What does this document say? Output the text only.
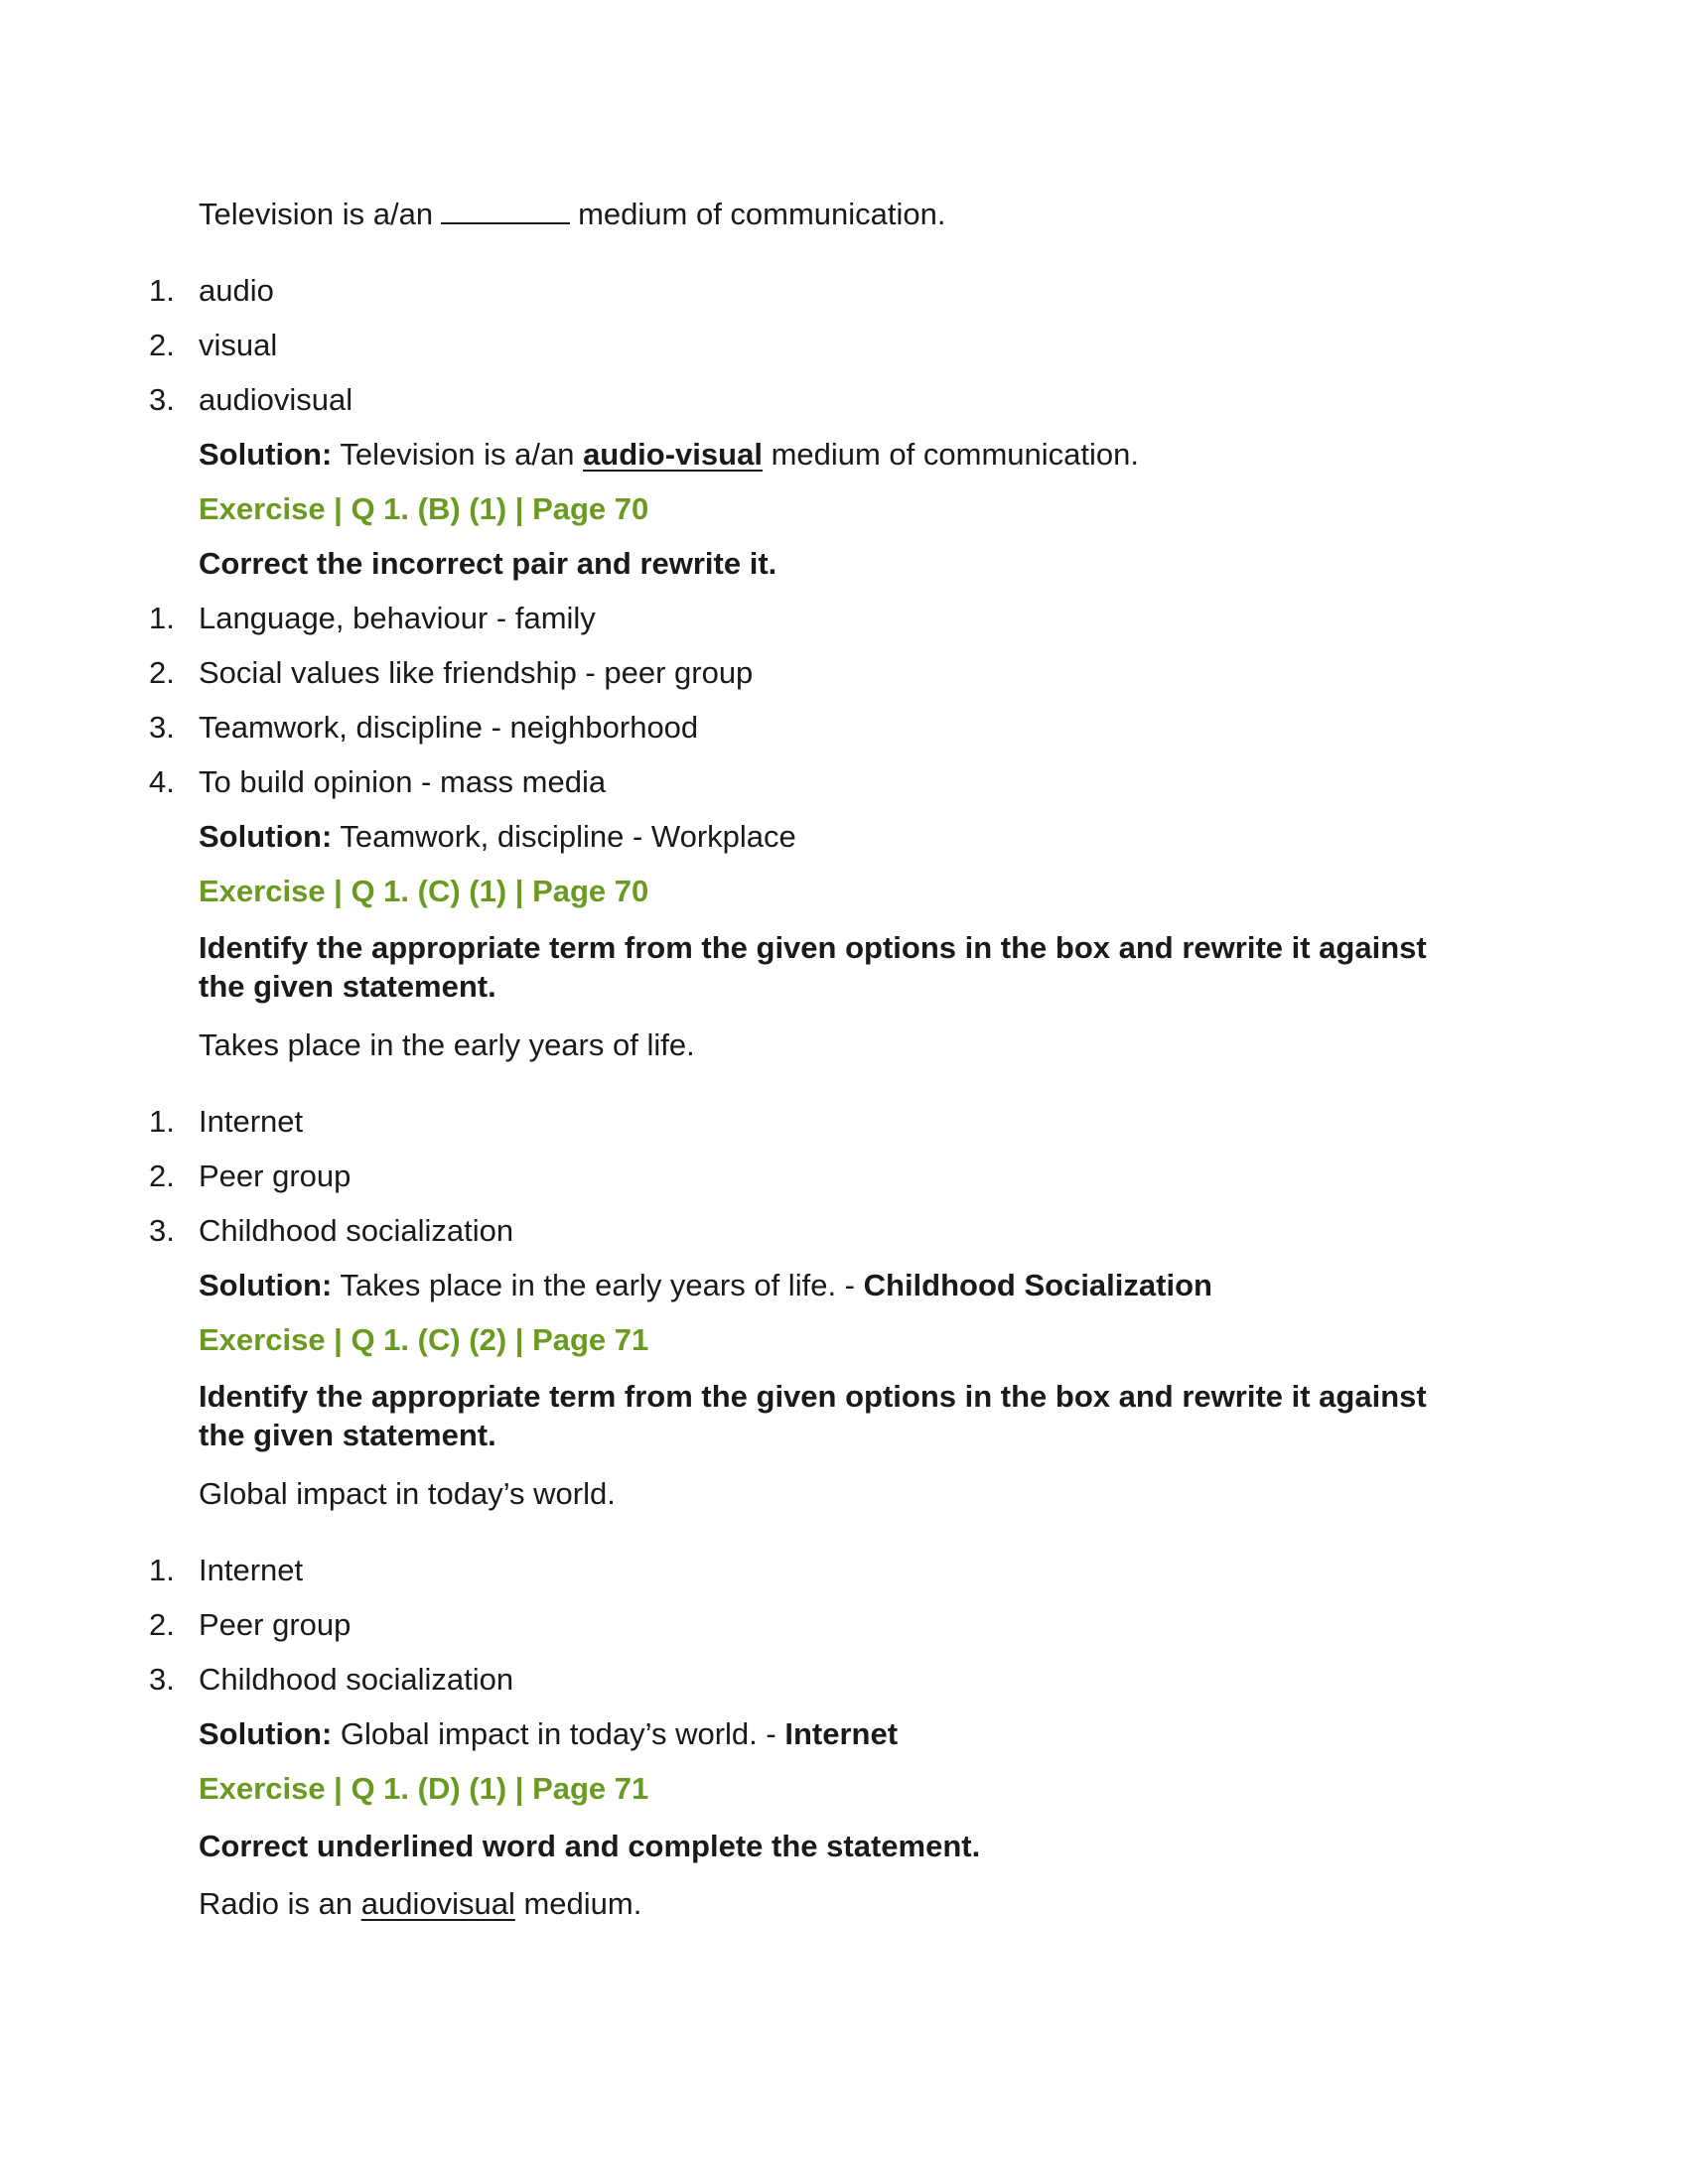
Television is a/an	medium of communication.
1. audio
2. visual
3. audiovisual
Solution: Television is a/an audio-visual medium of communication.
Exercise | Q 1. (B) (1) | Page 70
Correct the incorrect pair and rewrite it.
1. Language, behaviour - family
2. Social values like friendship - peer group
3. Teamwork, discipline - neighborhood
4. To build opinion - mass media
Solution: Teamwork, discipline - Workplace
Exercise | Q 1. (C) (1) | Page 70
Identify the appropriate term from the given options in the box and rewrite it against the given statement.
Takes place in the early years of life.
1. Internet
2. Peer group
3. Childhood socialization
Solution: Takes place in the early years of life. - Childhood Socialization
Exercise | Q 1. (C) (2) | Page 71
Identify the appropriate term from the given options in the box and rewrite it against the given statement.
Global impact in today’s world.
1. Internet
2. Peer group
3. Childhood socialization
Solution: Global impact in today’s world. - Internet
Exercise | Q 1. (D) (1) | Page 71
Correct underlined word and complete the statement.
Radio is an audiovisual medium.
